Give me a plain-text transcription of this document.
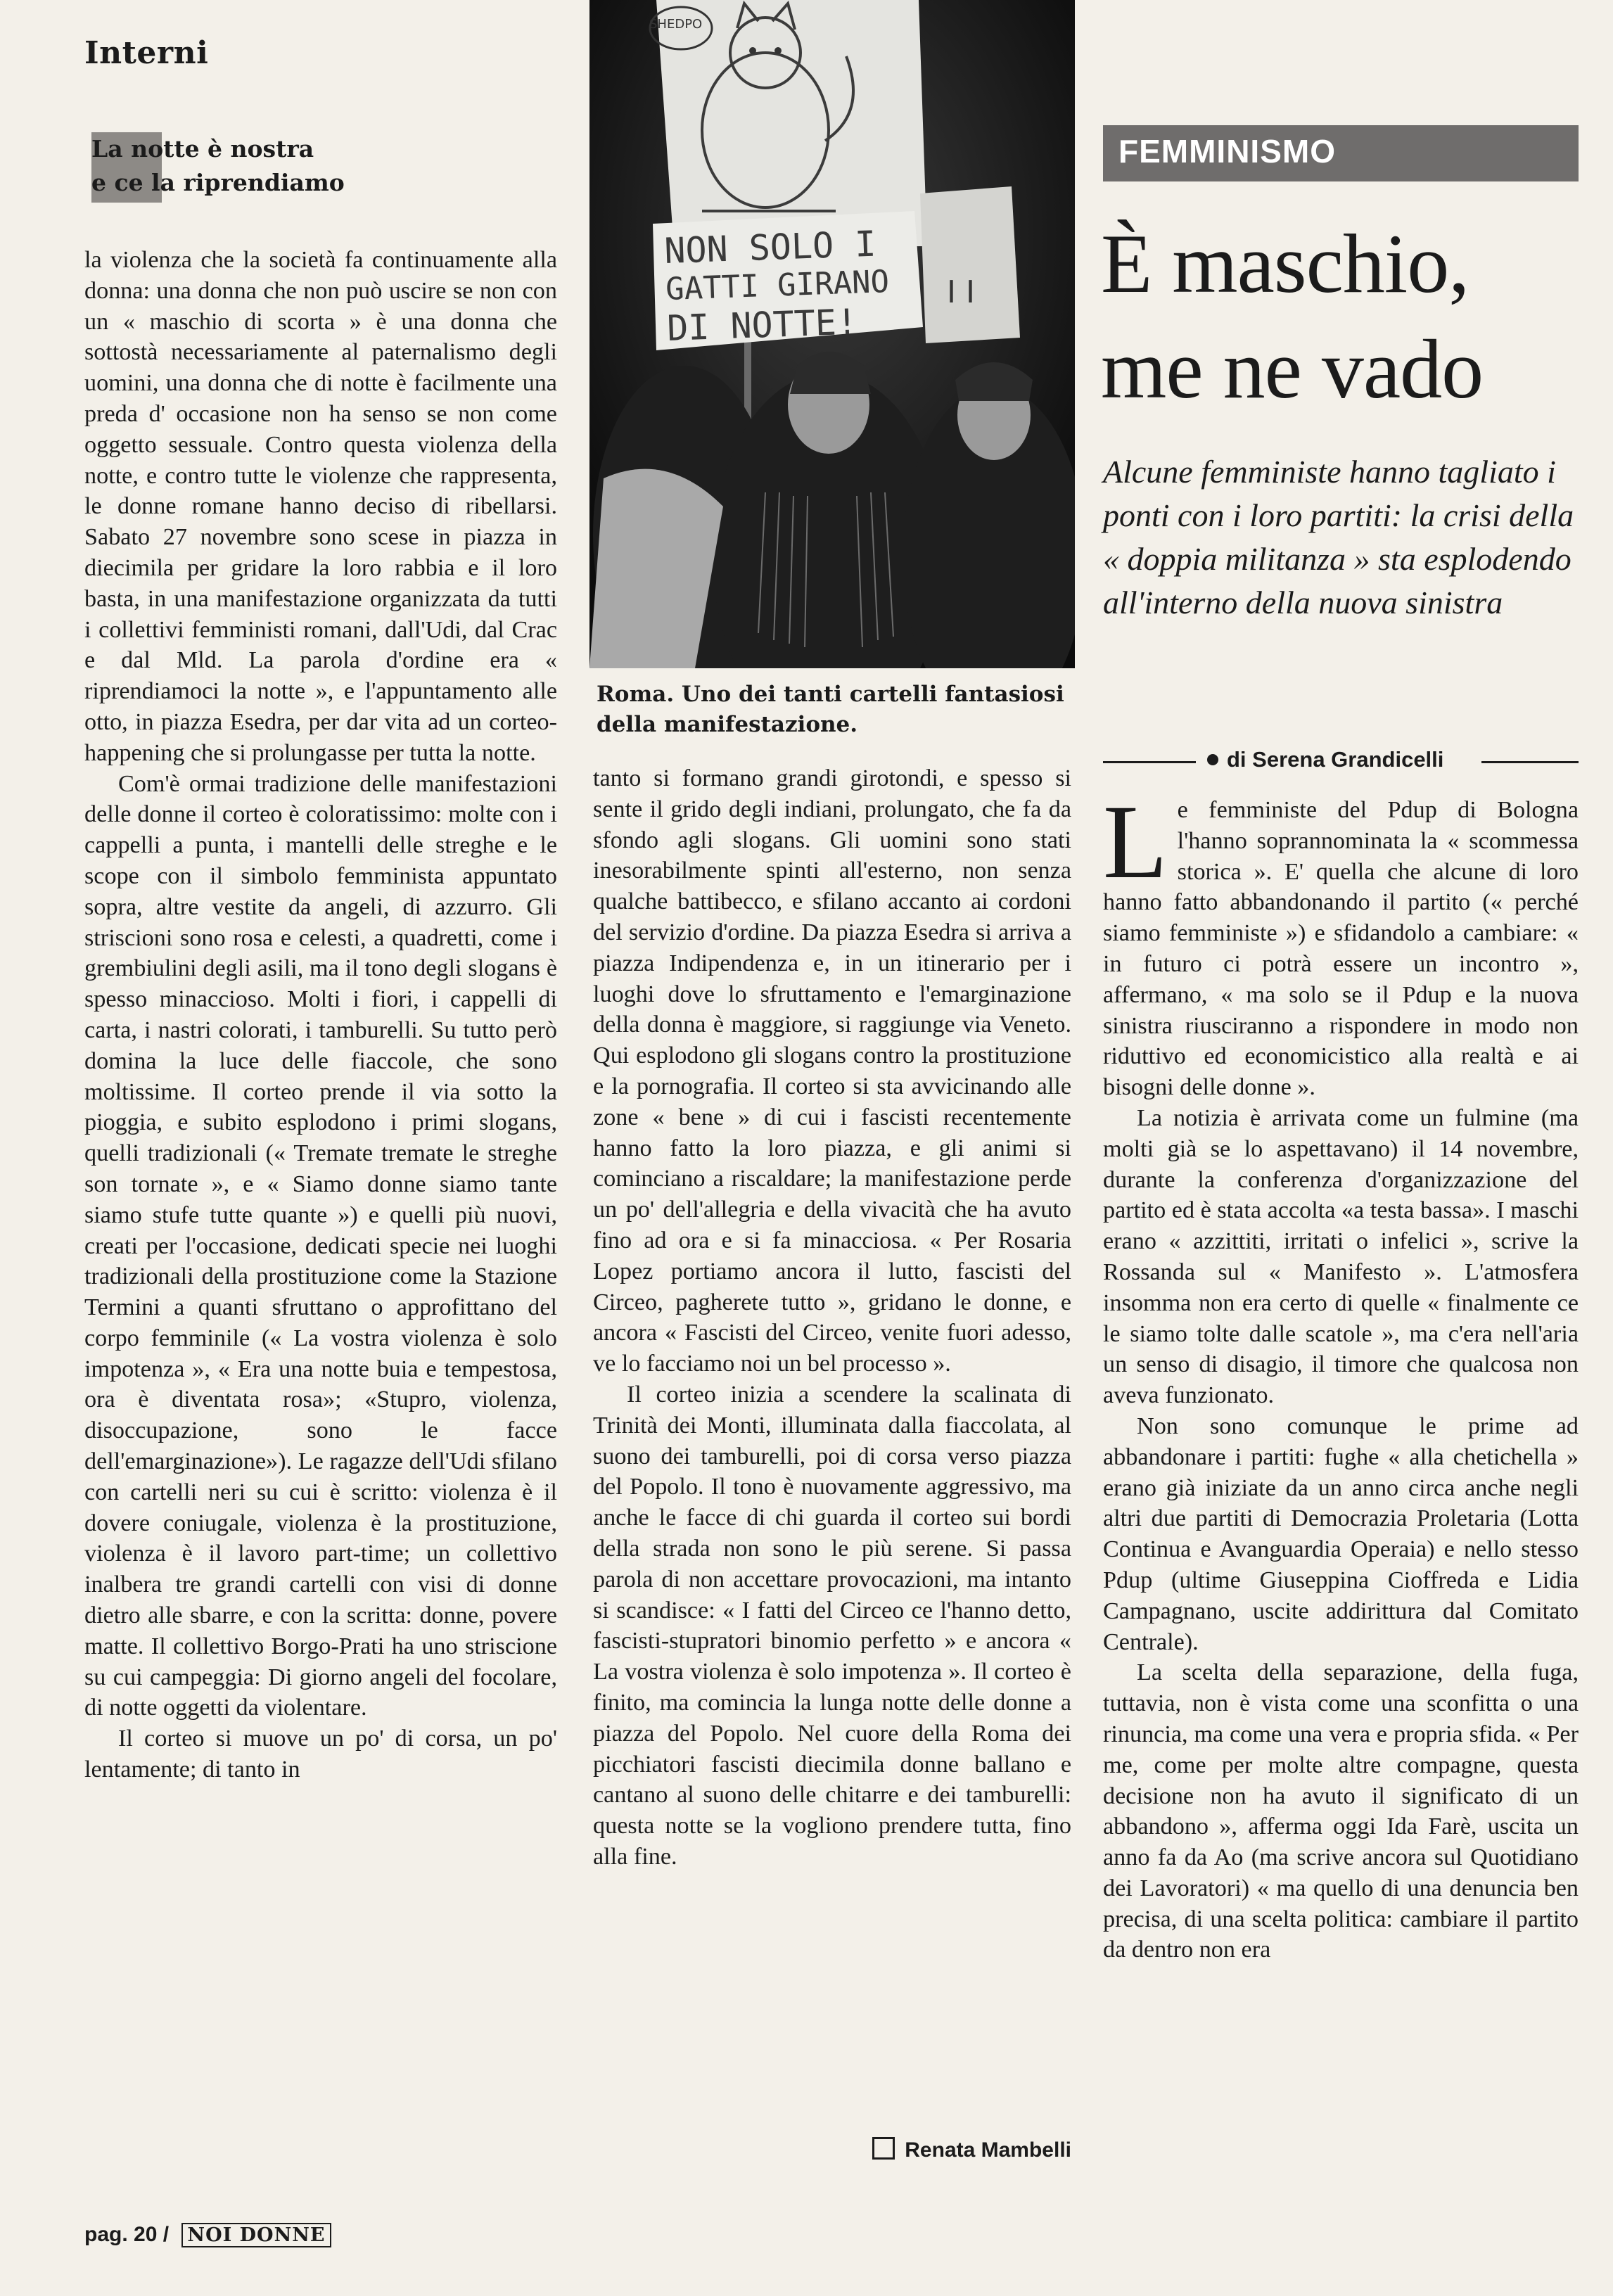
Interni
La notte è nostra
e ce la riprendiamo
I I
SHEDPO
NON SOLO I
GATTI GIRANO
DI NOTTE!
Roma. Uno dei tanti cartelli fantasiosi della manifestazione.

la violenza che la società fa continuamente alla donna: una donna che non può uscire se non con un « maschio di scorta » è una donna che sottostà necessariamente al paternalismo degli uomini, una donna che di notte è facilmente una preda d' occasione non ha senso se non come oggetto sessuale. Contro questa violenza della notte, e contro tutte le violenze che rappresenta, le donne romane hanno deciso di ribellarsi. Sabato 27 novembre sono scese in piazza in diecimila per gridare la loro rabbia e il loro basta, in una manifestazione organizzata da tutti i collettivi femministi romani, dall'Udi, dal Crac e dal Mld. La parola d'ordine era « riprendiamoci la notte », e l'appuntamento alle otto, in piazza Esedra, per dar vita ad un corteo-happening che si prolungasse per tutta la notte.

Com'è ormai tradizione delle manifestazioni delle donne il corteo è coloratissimo: molte con i cappelli a punta, i mantelli delle streghe e le scope con il simbolo femminista appuntato sopra, altre vestite da angeli, di azzurro. Gli striscioni sono rosa e celesti, a quadretti, come i grembiulini degli asili, ma il tono degli slogans è spesso minaccioso. Molti i fiori, i cappelli di carta, i nastri colorati, i tamburelli. Su tutto però domina la luce delle fiaccole, che sono moltissime. Il corteo prende il via sotto la pioggia, e subito esplodono i primi slogans, quelli tradizionali (« Tremate tremate le streghe son tornate », e « Siamo donne siamo tante siamo stufe tutte quante ») e quelli più nuovi, creati per l'occasione, dedicati specie nei luoghi tradizionali della prostituzione come la Stazione Termini a quanti sfruttano o approfittano del corpo femminile (« La vostra violenza è solo impotenza », « Era una notte buia e tempestosa, ora è diventata rosa»; «Stupro, violenza, disoccupazione, sono le facce dell'emarginazione»). Le ragazze dell'Udi sfilano con cartelli neri su cui è scritto: violenza è il dovere coniugale, violenza è la prostituzione, violenza è il lavoro part-time; un collettivo inalbera tre grandi cartelli con visi di donne dietro alle sbarre, e con la scritta: donne, povere matte. Il collettivo Borgo-Prati ha uno striscione su cui campeggia: Di giorno angeli del focolare, di notte oggetti da violentare.

Il corteo si muove un po' di corsa, un po' lentamente; di tanto in

tanto si formano grandi girotondi, e spesso si sente il grido degli indiani, prolungato, che fa da sfondo agli slogans. Gli uomini sono stati inesorabilmente spinti all'esterno, non senza qualche battibecco, e sfilano accanto ai cordoni del servizio d'ordine. Da piazza Esedra si arriva a piazza Indipendenza e, in un itinerario per i luoghi dove lo sfruttamento e l'emarginazione della donna è maggiore, si raggiunge via Veneto. Qui esplodono gli slogans contro la prostituzione e la pornografia. Il corteo si sta avvicinando alle zone « bene » di cui i fascisti recentemente hanno fatto la loro piazza, e gli animi si cominciano a riscaldare; la manifestazione perde un po' dell'allegria e della vivacità che ha avuto fino ad ora e si fa minacciosa. « Per Rosaria Lopez portiamo ancora il lutto, fascisti del Circeo, pagherete tutto », gridano le donne, e ancora « Fascisti del Circeo, venite fuori adesso, ve lo facciamo noi un bel processo ».

Il corteo inizia a scendere la scalinata di Trinità dei Monti, illuminata dalla fiaccolata, al suono dei tamburelli, poi di corsa verso piazza del Popolo. Il tono è nuovamente aggressivo, ma anche le facce di chi guarda il corteo sui bordi della strada non sono le più serene. Si passa parola di non accettare provocazioni, ma intanto si scandisce: « I fatti del Circeo ce l'hanno detto, fascisti-stupratori binomio perfetto » e ancora « La vostra violenza è solo impotenza ». Il corteo è finito, ma comincia la lunga notte delle donne a piazza del Popolo. Nel cuore della Roma dei picchiatori fascisti diecimila donne ballano e cantano al suono delle chitarre e dei tamburelli: questa notte se la vogliono prendere tutta, fino alla fine.

Renata Mambelli
FEMMINISMO
È maschio,
me ne vado
Alcune femministe hanno tagliato i ponti con i loro partiti: la crisi della « doppia militanza » sta esplodendo all'interno della nuova sinistra
di Serena Grandicelli

Le femministe del Pdup di Bologna l'hanno soprannominata la « scommessa storica ». E' quella che alcune di loro hanno fatto abbandonando il partito (« perché siamo femministe ») e sfidandolo a cambiare: « in futuro ci potrà essere un incontro », affermano, « ma solo se il Pdup e la nuova sinistra riusciranno a rispondere in modo non riduttivo ed economicistico alla realtà e ai bisogni delle donne ».

La notizia è arrivata come un fulmine (ma molti già se lo aspettavano) il 14 novembre, durante la conferenza d'organizzazione del partito ed è stata accolta «a testa bassa». I maschi erano « azzittiti, irritati o infelici », scrive la Rossanda sul « Manifesto ». L'atmosfera insomma non era certo di quelle « finalmente ce le siamo tolte dalle scatole », ma c'era nell'aria un senso di disagio, il timore che qualcosa non aveva funzionato.

Non sono comunque le prime ad abbandonare i partiti: fughe « alla chetichella » erano già iniziate da un anno circa anche negli altri due partiti di Democrazia Proletaria (Lotta Continua e Avanguardia Operaia) e nello stesso Pdup (ultime Giuseppina Cioffreda e Lidia Campagnano, uscite addirittura dal Comitato Centrale).

La scelta della separazione, della fuga, tuttavia, non è vista come una sconfitta o una rinuncia, ma come una vera e propria sfida. « Per me, come per molte altre compagne, questa decisione non ha avuto il significato di un abbandono », afferma oggi Ida Farè, uscita un anno fa da Ao (ma scrive ancora sul Quotidiano dei Lavoratori) « ma quello di una denuncia ben precisa, di una scelta politica: cambiare il partito da dentro non era

pag. 20 / NOI DONNE
